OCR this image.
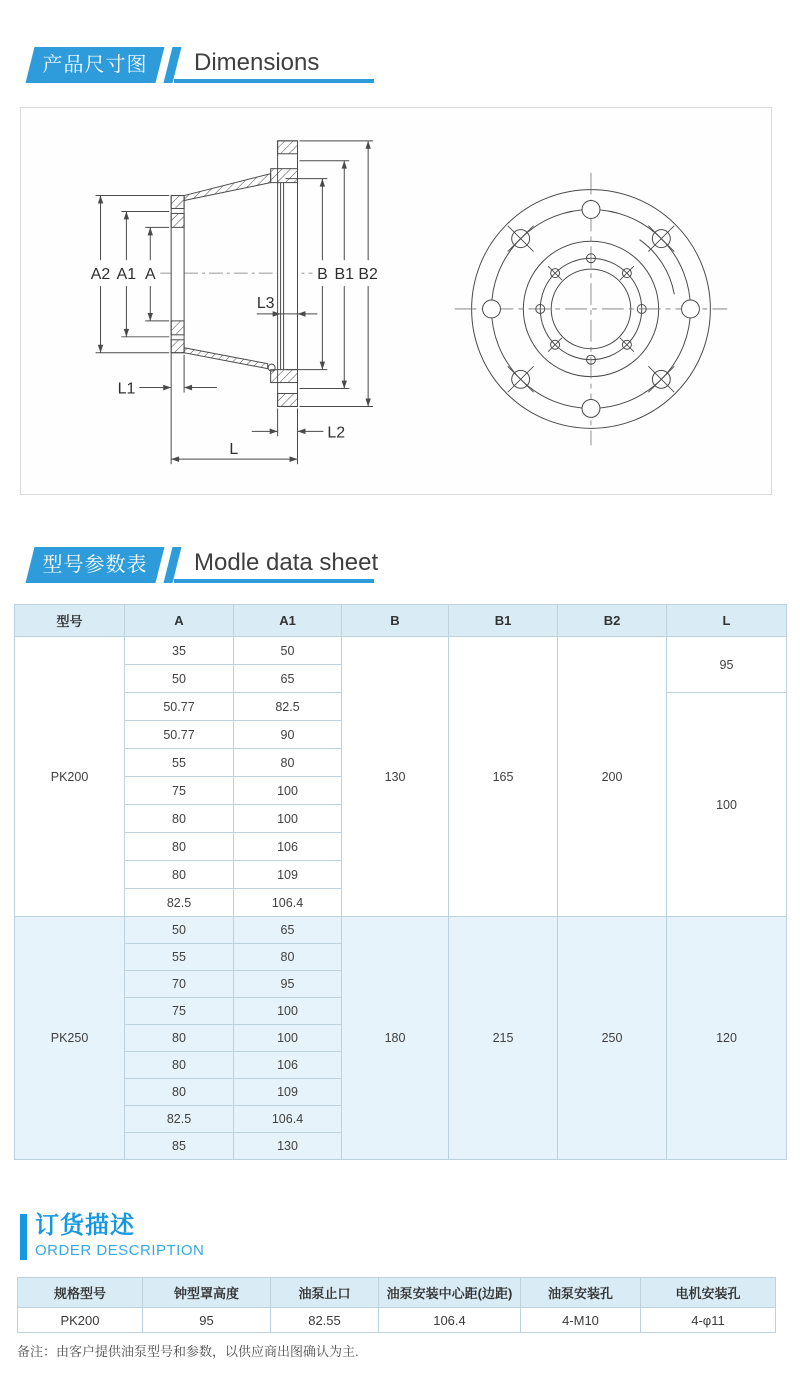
产品尺寸图	Dimensions
A2 A1 A	B B1 B2
L1
L2
L3
L
型号参数表	Modle data sheet
型号	A	A1	B	B1	B2	L
PK200	35	50	130	165	200	95
	50	65				
	50.77	82.5				100
	50.77	90				
	55	80				
	75	100				
	80	100				
	80	106				
	80	109				
	82.5	106.4				
PK250	50	65	180	215	250	120
	55	80				
	70	95				
	75	100				
	80	100				
	80	106				
	80	109				
	82.5	106.4				
	85	130				
订货描述
ORDER DESCRIPTION
规格型号	钟型罩高度	油泵止口	油泵安装中心距(边距)	油泵安装孔	电机安装孔
PK200	95	82.55	106.4	4-M10	4-φ11
备注：由客户提供油泵型号和参数，以供应商出图确认为主.
